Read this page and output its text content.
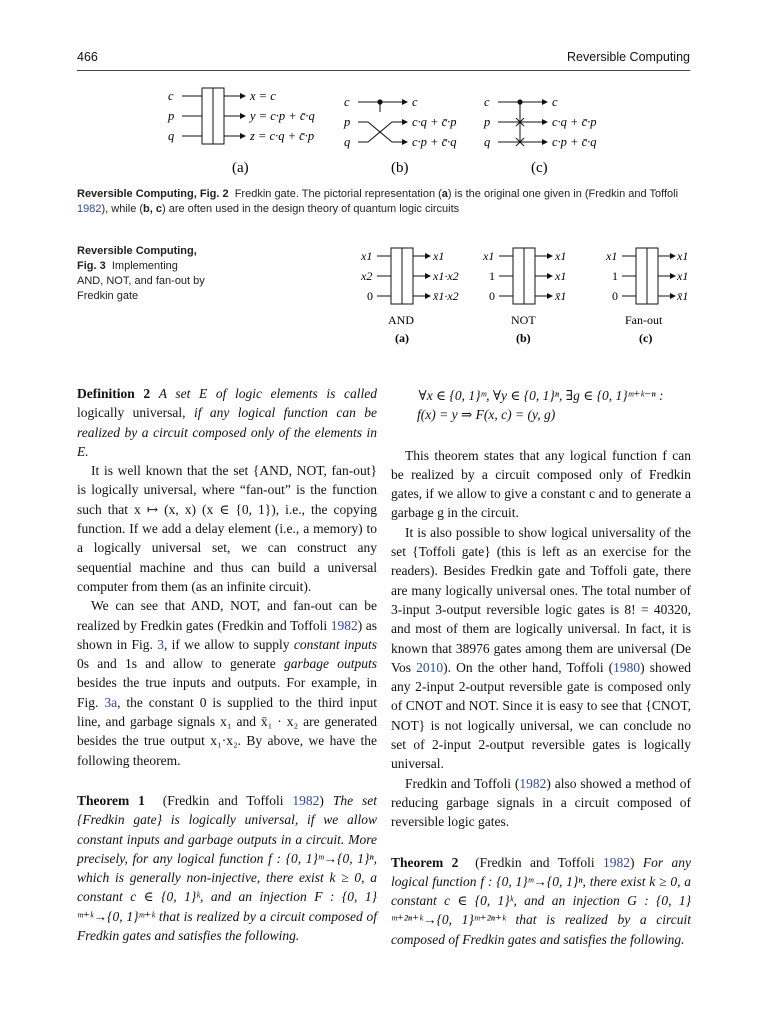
466	Reversible Computing
c
p
q
x = c
y = c·p + c̄·q
z = c·q + c̄·p
(a)
c
p
q
c
c·q + c̄·p
c·p + c̄·q
(b)
c
p
q
c
c·q + c̄·p
c·p + c̄·q
(c)
Reversible Computing, Fig. 2 Fredkin gate. The pictorial representation (a) is the original one given in (Fredkin and Toffoli 1982), while (b, c) are often used in the design theory of quantum logic circuits
Reversible Computing,
Fig. 3 Implementing
AND, NOT, and fan-out by
Fredkin gate
x1
x2
0
x1
x1·x2
x̄1·x2
AND
(a)
x1
1
0
x1
x1
x̄1
NOT
(b)
x1
1
0
x1
x1
x̄1
Fan-out
(c)

Definition 2 A set E of logic elements is called logically universal, if any logical function can be realized by a circuit composed only of the elements in E.

It is well known that the set {AND, NOT, fan-out} is logically universal, where “fan-out” is the function such that x ↦ (x, x) (x ∈ {0, 1}), i.e., the copying function. If we add a delay element (i.e., a memory) to a logically universal set, we can construct any sequential machine and thus can build a universal computer from them (as an infinite circuit).

We can see that AND, NOT, and fan-out can be realized by Fredkin gates (Fredkin and Toffoli 1982) as shown in Fig. 3, if we allow to supply constant inputs 0s and 1s and allow to generate garbage outputs besides the true inputs and outputs. For example, in Fig. 3a, the constant 0 is supplied to the third input line, and garbage signals x₁ and x̄₁ · x₂ are generated besides the true output x₁·x₂. By above, we have the following theorem.

Theorem 1 (Fredkin and Toffoli 1982) The set {Fredkin gate} is logically universal, if we allow constant inputs and garbage outputs in a circuit. More precisely, for any logical function f : {0, 1}ᵐ→{0, 1}ⁿ, which is generally non-injective, there exist k ≥ 0, a constant c ∈ {0, 1}ᵏ, and an injection F : {0, 1}ᵐ⁺ᵏ→{0, 1}ᵐ⁺ᵏ that is realized by a circuit composed of Fredkin gates and satisfies the following.

∀x ∈ {0, 1}ᵐ, ∀y ∈ {0, 1}ⁿ, ∃g ∈ {0, 1}ᵐ⁺ᵏ⁻ⁿ :

f(x) = y ⇒ F(x, c) = (y, g)

This theorem states that any logical function f can be realized by a circuit composed only of Fredkin gates, if we allow to give a constant c and to generate a garbage g in the circuit.

It is also possible to show logical universality of the set {Toffoli gate} (this is left as an exercise for the readers). Besides Fredkin gate and Toffoli gate, there are many logically universal ones. The total number of 3-input 3-output reversible logic gates is 8! = 40320, and most of them are logically universal. In fact, it is known that 38976 gates among them are universal (De Vos 2010). On the other hand, Toffoli (1980) showed any 2-input 2-output reversible gate is composed only of CNOT and NOT. Since it is easy to see that {CNOT, NOT} is not logically universal, we can conclude no set of 2-input 2-output reversible gates is logically universal.

Fredkin and Toffoli (1982) also showed a method of reducing garbage signals in a circuit composed of reversible logic gates.

Theorem 2 (Fredkin and Toffoli 1982) For any logical function f : {0, 1}ᵐ→{0, 1}ⁿ, there exist k ≥ 0, a constant c ∈ {0, 1}ᵏ, and an injection G : {0, 1}ᵐ⁺²ⁿ⁺ᵏ→{0, 1}ᵐ⁺²ⁿ⁺ᵏ that is realized by a circuit composed of Fredkin gates and satisfies the following.
